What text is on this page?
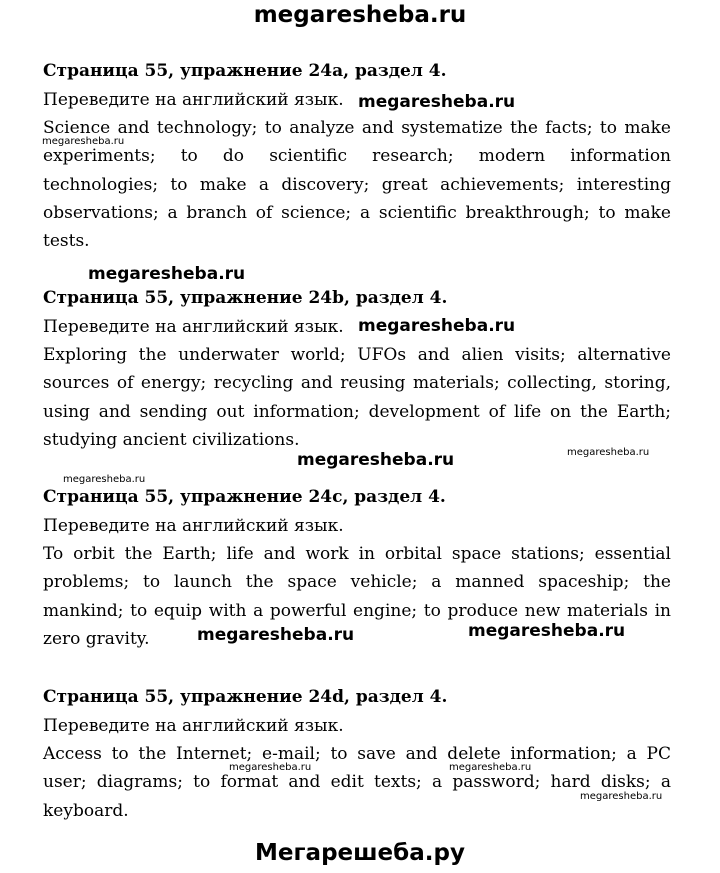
megaresheba.ru
Страница 55, упражнение 24а, раздел 4.
Переведите на английский язык.
Science and technology; to analyze and systematize the facts; to make experiments; to do scientific research; modern information technologies; to make a discovery; great achievements; interesting observations; a branch of science; a scientific breakthrough; to make tests.
Страница 55, упражнение 24b, раздел 4.
Переведите на английский язык.
Exploring the underwater world; UFOs and alien visits; alternative sources of energy; recycling and reusing materials; collecting, storing, using and sending out information; development of life on the Earth; studying ancient civilizations.
Страница 55, упражнение 24c, раздел 4.
Переведите на английский язык.
To orbit the Earth; life and work in orbital space stations; essential problems; to launch the space vehicle; a manned spaceship; the mankind; to equip with a powerful engine; to produce new materials in zero gravity.
Страница 55, упражнение 24d, раздел 4.
Переведите на английский язык.
Access to the Internet; e-mail; to save and delete information; a PC user; diagrams; to format and edit texts; a password; hard disks; a keyboard.
megaresheba.ru
megaresheba.ru
megaresheba.ru
megaresheba.ru
megaresheba.ru	megaresheba.ru
megaresheba.ru
megaresheba.ru	megaresheba.ru
megaresheba.ru	megaresheba.ru
megaresheba.ru
Мегарешеба.ру
